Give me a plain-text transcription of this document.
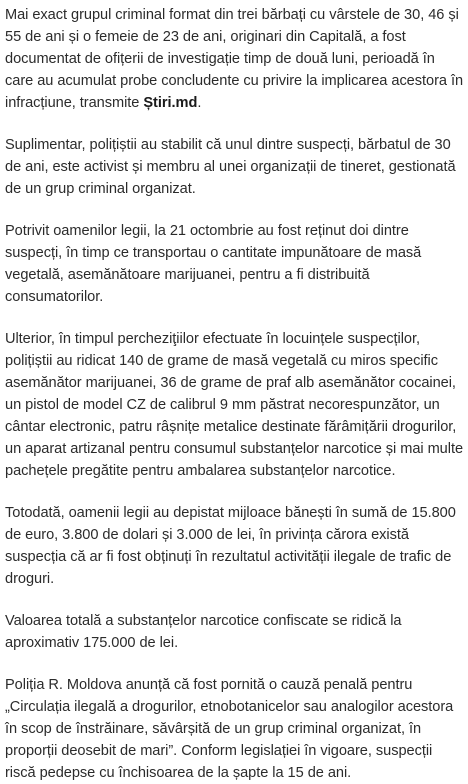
Mai exact grupul criminal format din trei bărbați cu vârstele de 30, 46 și 55 de ani și o femeie de 23 de ani, originari din Capitală, a fost documentat de ofițerii de investigație timp de două luni, perioadă în care au acumulat probe concludente cu privire la implicarea acestora în infracțiune, transmite Știri.md.

Suplimentar, polițiștii au stabilit că unul dintre suspecți, bărbatul de 30 de ani, este activist și membru al unei organizații de tineret, gestionată de un grup criminal organizat.

Potrivit oamenilor legii, la 21 octombrie au fost reținut doi dintre suspecți, în timp ce transportau o cantitate impunătoare de masă vegetală, asemănătoare marijuanei, pentru a fi distribuită consumatorilor.

Ulterior, în timpul percheziţiilor efectuate în locuințele suspecților, polițiștii au ridicat 140 de grame de masă vegetală cu miros specific asemănător marijuanei, 36 de grame de praf alb asemănător cocainei, un pistol de model CZ de calibrul 9 mm păstrat necorespunzător, un cântar electronic, patru râșnițe metalice destinate fărâmițării drogurilor, un aparat artizanal pentru consumul substanțelor narcotice și mai multe pachețele pregătite pentru ambalarea substanțelor narcotice.

Totodată, oamenii legii au depistat mijloace bănești în sumă de 15.800 de euro, 3.800 de dolari și 3.000 de lei, în privința cărora există suspecția că ar fi fost obținuți în rezultatul activității ilegale de trafic de droguri.

Valoarea totală a substanțelor narcotice confiscate se ridică la aproximativ 175.000 de lei.

Poliția R. Moldova anunță că fost pornită o cauză penală pentru „Circulația ilegală a drogurilor, etnobotanicelor sau analogilor acestora în scop de înstrăinare, săvârșită de un grup criminal organizat, în proporții deosebit de mari”. Conform legislației în vigoare, suspecții riscă pedepse cu închisoarea de la șapte la 15 de ani.
